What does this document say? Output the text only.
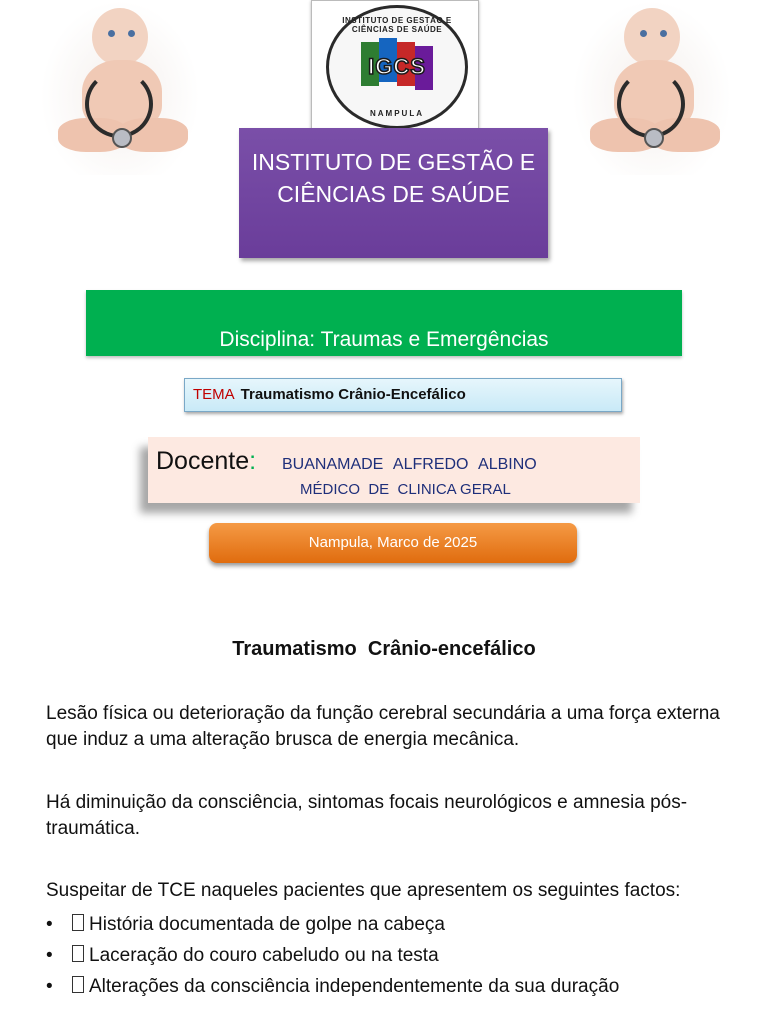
INSTITUTO DE GESTÃO E CIÊNCIAS DE SAÚDE
IGCS
NAMPULA
INSTITUTO DE GESTÃO E
CIÊNCIAS DE SAÚDE
Disciplina: Traumas e Emergências
TEMA Traumatismo Crânio-Encefálico
Docente: BUANAMADE ALFREDO ALBINO
MÉDICO  DE  CLINICA GERAL
Nampula, Marco de 2025
Traumatismo  Crânio-encefálico
Lesão física ou deterioração da função cerebral secundária a uma força externa que induz a uma alteração brusca de energia mecânica.
Há diminuição da consciência, sintomas focais neurológicos e amnesia pós-traumática.
Suspeitar de TCE naqueles pacientes que apresentem os seguintes factos:
• História documentada de golpe na cabeça
• Laceração do couro cabeludo ou na testa
• Alterações da consciência independentemente da sua duração
